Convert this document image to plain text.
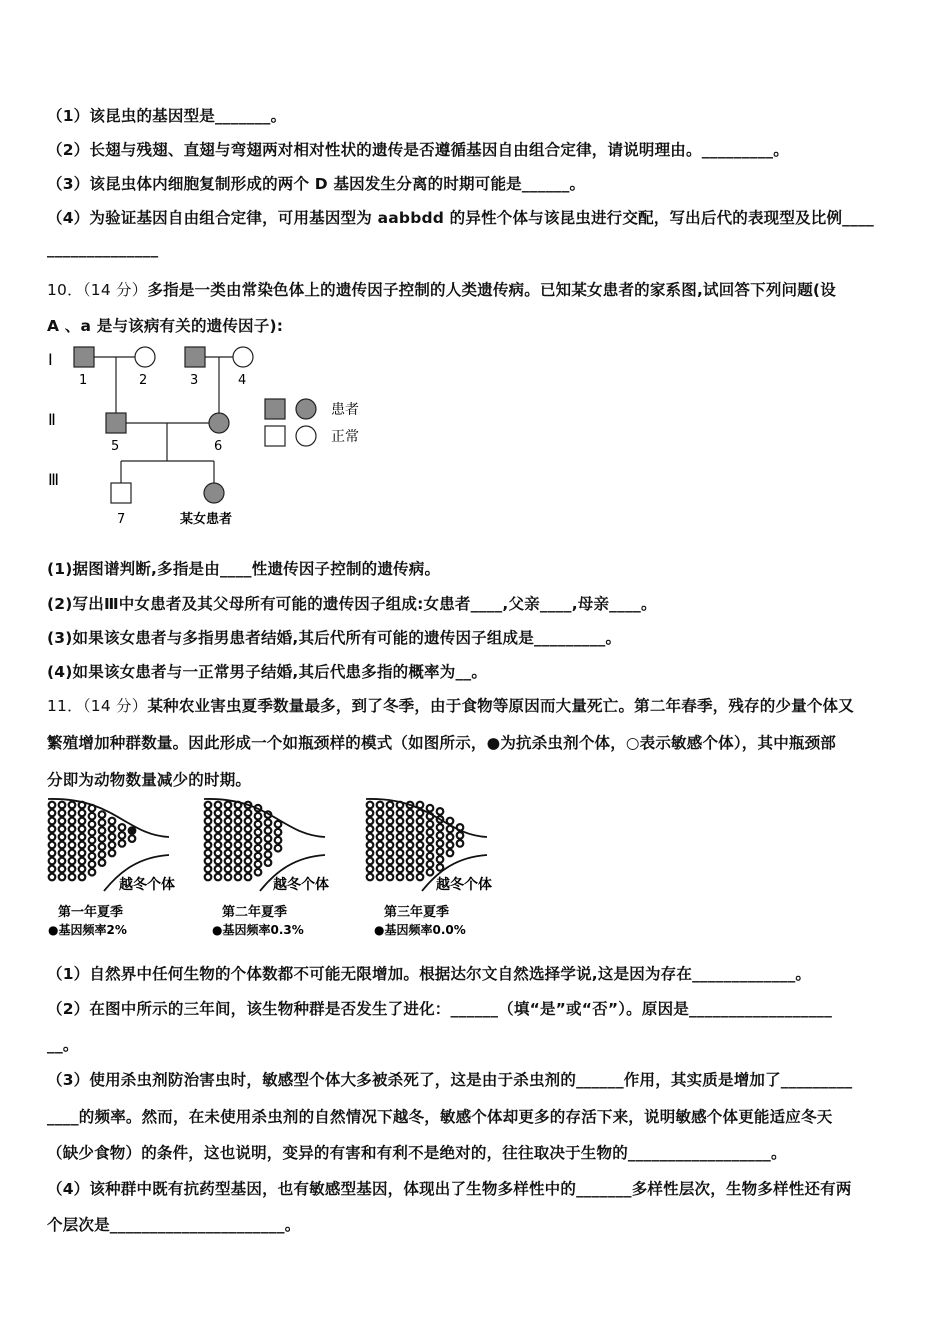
（1）该昆虫的基因型是_______。
（2）长翅与残翅、直翅与弯翅两对相对性状的遗传是否遵循基因自由组合定律，请说明理由。_________。
（3）该昆虫体内细胞复制形成的两个 D 基因发生分离的时期可能是______。
（4）为验证基因自由组合定律，可用基因型为 aabbdd 的异性个体与该昆虫进行交配，写出后代的表现型及比例____
______________
10．（14 分）多指是一类由常染色体上的遗传因子控制的人类遗传病。已知某女患者的家系图,试回答下列问题(设
A 、a 是与该病有关的遗传因子):
Ⅰ
Ⅱ
Ⅲ
1	2	3	4
5	6
7	某女患者
患者
正常
(1)据图谱判断,多指是由____性遗传因子控制的遗传病。
(2)写出Ⅲ中女患者及其父母所有可能的遗传因子组成:女患者____,父亲____,母亲____。
(3)如果该女患者与多指男患者结婚,其后代所有可能的遗传因子组成是_________。
(4)如果该女患者与一正常男子结婚,其后代患多指的概率为__。
11．（14 分）某种农业害虫夏季数量最多，到了冬季，由于食物等原因而大量死亡。第二年春季，残存的少量个体又
繁殖增加种群数量。因此形成一个如瓶颈样的模式（如图所示，●为抗杀虫剂个体，○表示敏感个体），其中瓶颈部
分即为动物数量减少的时期。
越冬个体
第一年夏季
●基因频率2%
越冬个体
第二年夏季
●基因频率0.3%
越冬个体
第三年夏季
●基因频率0.0%
（1）自然界中任何生物的个体数都不可能无限增加。根据达尔文自然选择学说,这是因为存在_____________。
（2）在图中所示的三年间，该生物种群是否发生了进化：______（填“是”或“否”）。原因是__________________
__。
（3）使用杀虫剂防治害虫时，敏感型个体大多被杀死了，这是由于杀虫剂的______作用，其实质是增加了_________
____的频率。然而，在未使用杀虫剂的自然情况下越冬，敏感个体却更多的存活下来，说明敏感个体更能适应冬天
（缺少食物）的条件，这也说明，变异的有害和有利不是绝对的，往往取决于生物的__________________。
（4）该种群中既有抗药型基因，也有敏感型基因，体现出了生物多样性中的_______多样性层次，生物多样性还有两
个层次是______________________。
